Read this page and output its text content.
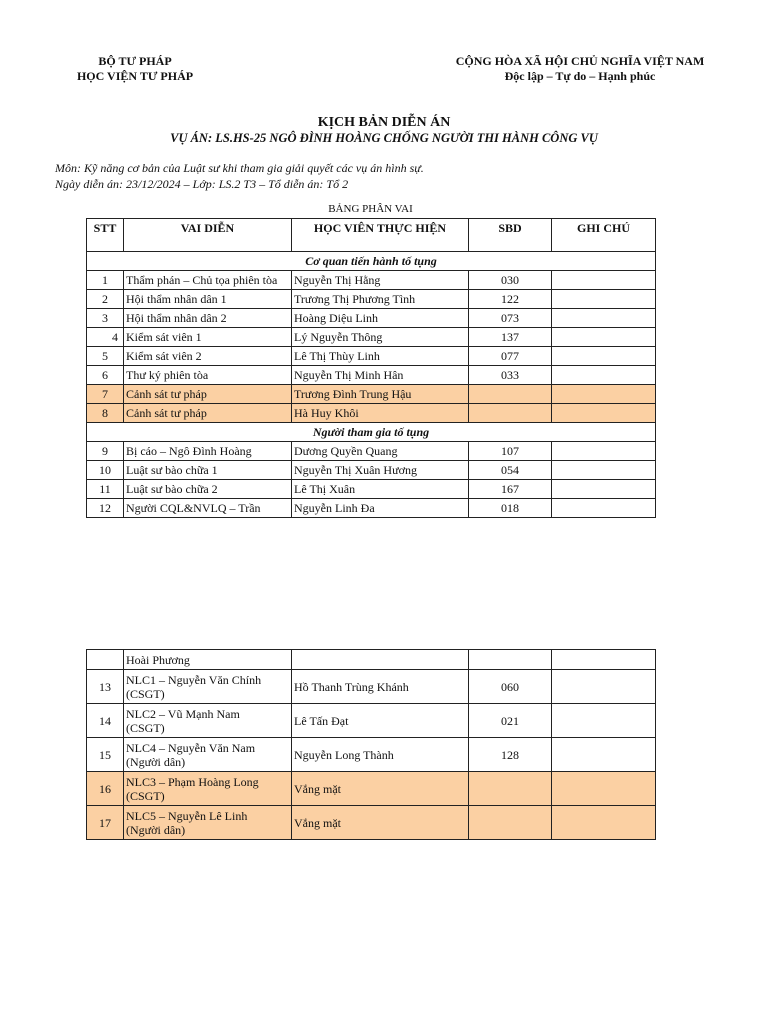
BỘ TƯ PHÁP
HỌC VIỆN TƯ PHÁP
CỘNG HÒA XÃ HỘI CHỦ NGHĨA VIỆT NAM
Độc lập – Tự do – Hạnh phúc
KỊCH BẢN DIỄN ÁN
VỤ ÁN: LS.HS-25 NGÔ ĐÌNH HOÀNG CHỐNG NGƯỜI THI HÀNH CÔNG VỤ
Môn: Kỹ năng cơ bản của Luật sư khi tham gia giải quyết các vụ án hình sự.
Ngày diễn án: 23/12/2024 – Lớp: LS.2 T3 – Tổ diễn án: Tổ 2
BẢNG PHÂN VAI
STT	VAI DIỄN	HỌC VIÊN THỰC HIỆN	SBD	GHI CHÚ
Cơ quan tiến hành tố tụng				
1	Thẩm phán – Chủ tọa phiên tòa	Nguyễn Thị Hằng	030	
2	Hội thẩm nhân dân 1	Trương Thị Phương Tình	122	
3	Hội thẩm nhân dân 2	Hoàng Diệu Linh	073	
4	Kiểm sát viên 1	Lý Nguyễn Thông	137	
5	Kiểm sát viên 2	Lê Thị Thùy Linh	077	
6	Thư ký phiên tòa	Nguyễn Thị Minh Hân	033	
7	Cảnh sát tư pháp	Trương Đình Trung Hậu		
8	Cảnh sát tư pháp	Hà Huy Khôi		
Người tham gia tố tụng				
9	Bị cáo – Ngô Đình Hoàng	Dương Quyền Quang	107	
10	Luật sư bào chữa 1	Nguyễn Thị Xuân Hương	054	
11	Luật sư bào chữa 2	Lê Thị Xuân	167	
12	Người CQL&NVLQ – Trần	Nguyễn Linh Đa	018	
	Hoài Phương			
13	NLC1 – Nguyễn Văn Chính
(CSGT)	Hồ Thanh Trùng Khánh	060	
14	NLC2 – Vũ Mạnh Nam
(CSGT)	Lê Tấn Đạt	021	
15	NLC4 – Nguyễn Văn Nam
(Người dân)	Nguyễn Long Thành	128	
16	NLC3 – Phạm Hoàng Long
(CSGT)	Vắng mặt		
17	NLC5 – Nguyễn Lê Linh
(Người dân)	Vắng mặt		
